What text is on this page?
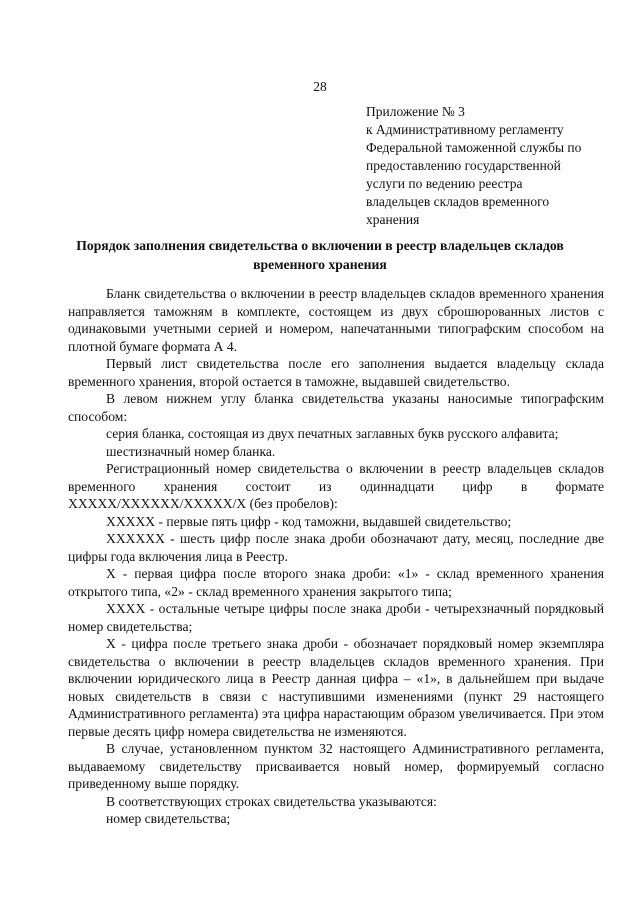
28
Приложение № 3
к Административному регламенту
Федеральной таможенной службы по
предоставлению государственной
услуги по ведению реестра
владельцев складов временного
хранения
Порядок заполнения свидетельства о включении в реестр владельцев складов временного хранения

Бланк свидетельства о включении в реестр владельцев складов временного хранения направляется таможням в комплекте, состоящем из двух сброшюрованных листов с одинаковыми учетными серией и номером, напечатанными типографским способом на плотной бумаге формата А 4.

Первый лист свидетельства после его заполнения выдается владельцу склада временного хранения, второй остается в таможне, выдавшей свидетельство.

В левом нижнем углу бланка свидетельства указаны наносимые типографским способом:

серия бланка, состоящая из двух печатных заглавных букв русского алфавита;

шестизначный номер бланка.

Регистрационный номер свидетельства о включении в реестр владельцев складов временного хранения состоит из одиннадцати цифр в формате XXXXX/XXXXXX/XXXXX/X (без пробелов):

XXXXX - первые пять цифр - код таможни, выдавшей свидетельство;

XXXXXX - шесть цифр после знака дроби обозначают дату, месяц, последние две цифры года включения лица в Реестр.

X - первая цифра после второго знака дроби: «1» - склад временного хранения открытого типа, «2» - склад временного хранения закрытого типа;

XXXX - остальные четыре цифры после знака дроби - четырехзначный порядковый номер свидетельства;

X - цифра после третьего знака дроби - обозначает порядковый номер экземпляра свидетельства о включении в реестр владельцев складов временного хранения. При включении юридического лица в Реестр данная цифра – «1», в дальнейшем при выдаче новых свидетельств в связи с наступившими изменениями (пункт 29 настоящего Административного регламента) эта цифра нарастающим образом увеличивается. При этом первые десять цифр номера свидетельства не изменяются.

В случае, установленном пунктом 32 настоящего Административного регламента, выдаваемому свидетельству присваивается новый номер, формируемый согласно приведенному выше порядку.

В соответствующих строках свидетельства указываются:

номер свидетельства;
